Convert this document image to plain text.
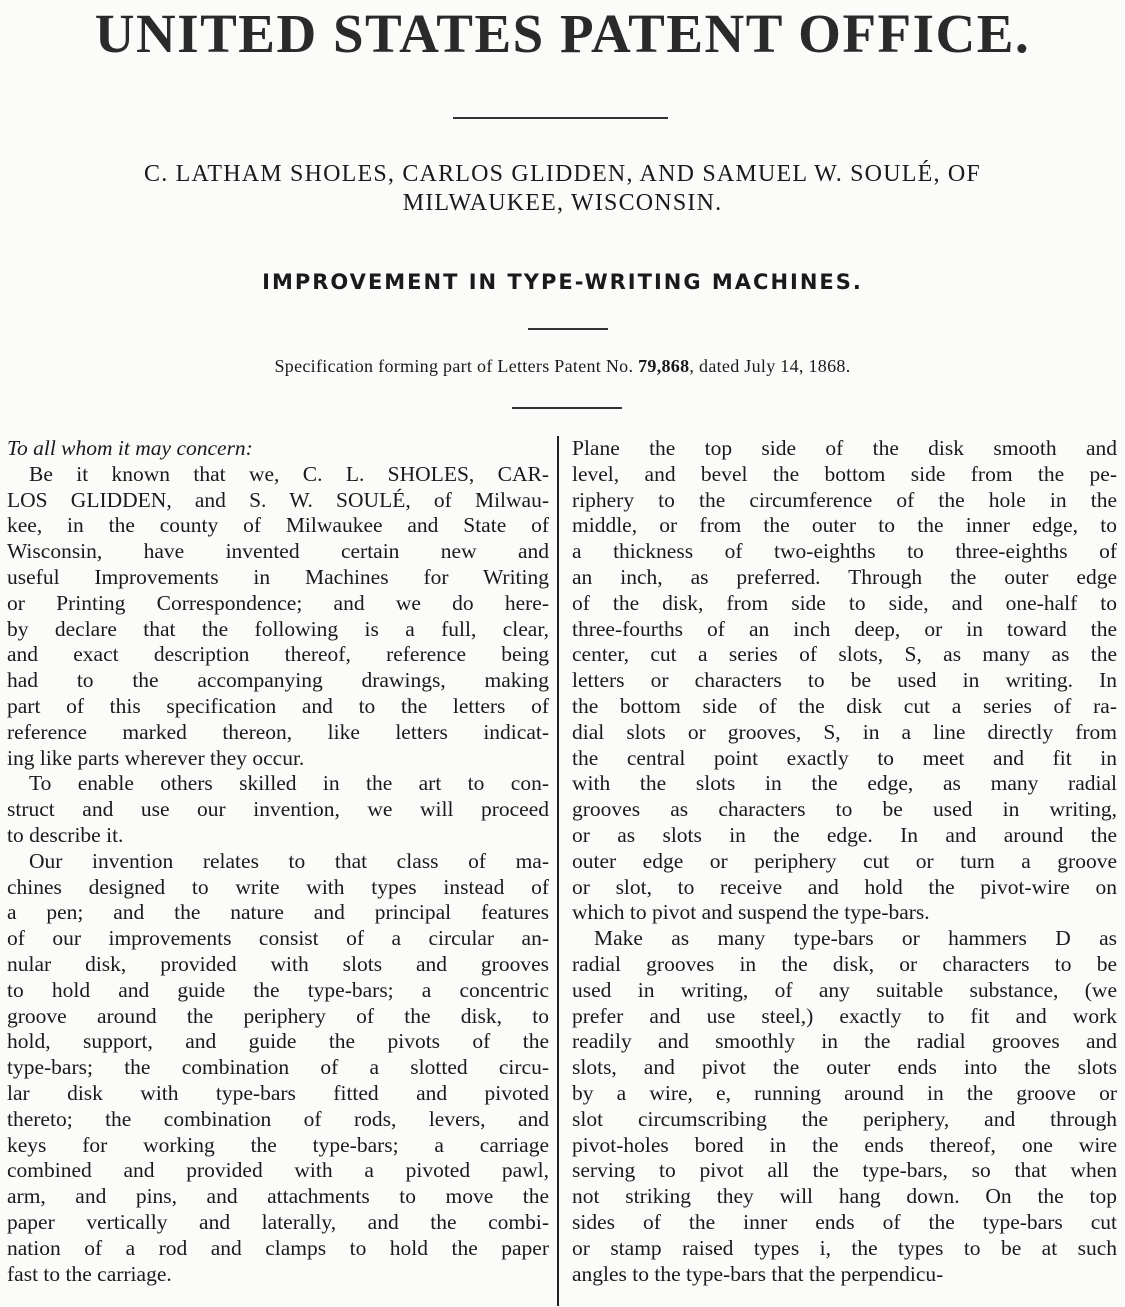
UNITED STATES PATENT OFFICE.
C. LATHAM SHOLES, CARLOS GLIDDEN, AND SAMUEL W. SOULÉ, OF
MILWAUKEE, WISCONSIN.
IMPROVEMENT IN TYPE-WRITING MACHINES.
Specification forming part of Letters Patent No. 79,868, dated July 14, 1868.
To all whom it may concern:
Be it known that we, C. L. SHOLES, CAR-
LOS GLIDDEN, and S. W. SOULÉ, of Milwau-
kee, in the county of Milwaukee and State of
Wisconsin, have invented certain new and
useful Improvements in Machines for Writing
or Printing Correspondence; and we do here-
by declare that the following is a full, clear,
and exact description thereof, reference being
had to the accompanying drawings, making
part of this specification and to the letters of
reference marked thereon, like letters indicat-
ing like parts wherever they occur.
To enable others skilled in the art to con-
struct and use our invention, we will proceed
to describe it.
Our invention relates to that class of ma-
chines designed to write with types instead of
a pen; and the nature and principal features
of our improvements consist of a circular an-
nular disk, provided with slots and grooves
to hold and guide the type-bars; a concentric
groove around the periphery of the disk, to
hold, support, and guide the pivots of the
type-bars; the combination of a slotted circu-
lar disk with type-bars fitted and pivoted
thereto; the combination of rods, levers, and
keys for working the type-bars; a carriage
combined and provided with a pivoted pawl,
arm, and pins, and attachments to move the
paper vertically and laterally, and the combi-
nation of a rod and clamps to hold the paper
fast to the carriage.
Plane the top side of the disk smooth and
level, and bevel the bottom side from the pe-
riphery to the circumference of the hole in the
middle, or from the outer to the inner edge, to
a thickness of two-eighths to three-eighths of
an inch, as preferred. Through the outer edge
of the disk, from side to side, and one-half to
three-fourths of an inch deep, or in toward the
center, cut a series of slots, S, as many as the
letters or characters to be used in writing. In
the bottom side of the disk cut a series of ra-
dial slots or grooves, S, in a line directly from
the central point exactly to meet and fit in
with the slots in the edge, as many radial
grooves as characters to be used in writing,
or as slots in the edge. In and around the
outer edge or periphery cut or turn a groove
or slot, to receive and hold the pivot-wire on
which to pivot and suspend the type-bars.
Make as many type-bars or hammers D as
radial grooves in the disk, or characters to be
used in writing, of any suitable substance, (we
prefer and use steel,) exactly to fit and work
readily and smoothly in the radial grooves and
slots, and pivot the outer ends into the slots
by a wire, e, running around in the groove or
slot circumscribing the periphery, and through
pivot-holes bored in the ends thereof, one wire
serving to pivot all the type-bars, so that when
not striking they will hang down. On the top
sides of the inner ends of the type-bars cut
or stamp raised types i, the types to be at such
angles to the type-bars that the perpendicu-
